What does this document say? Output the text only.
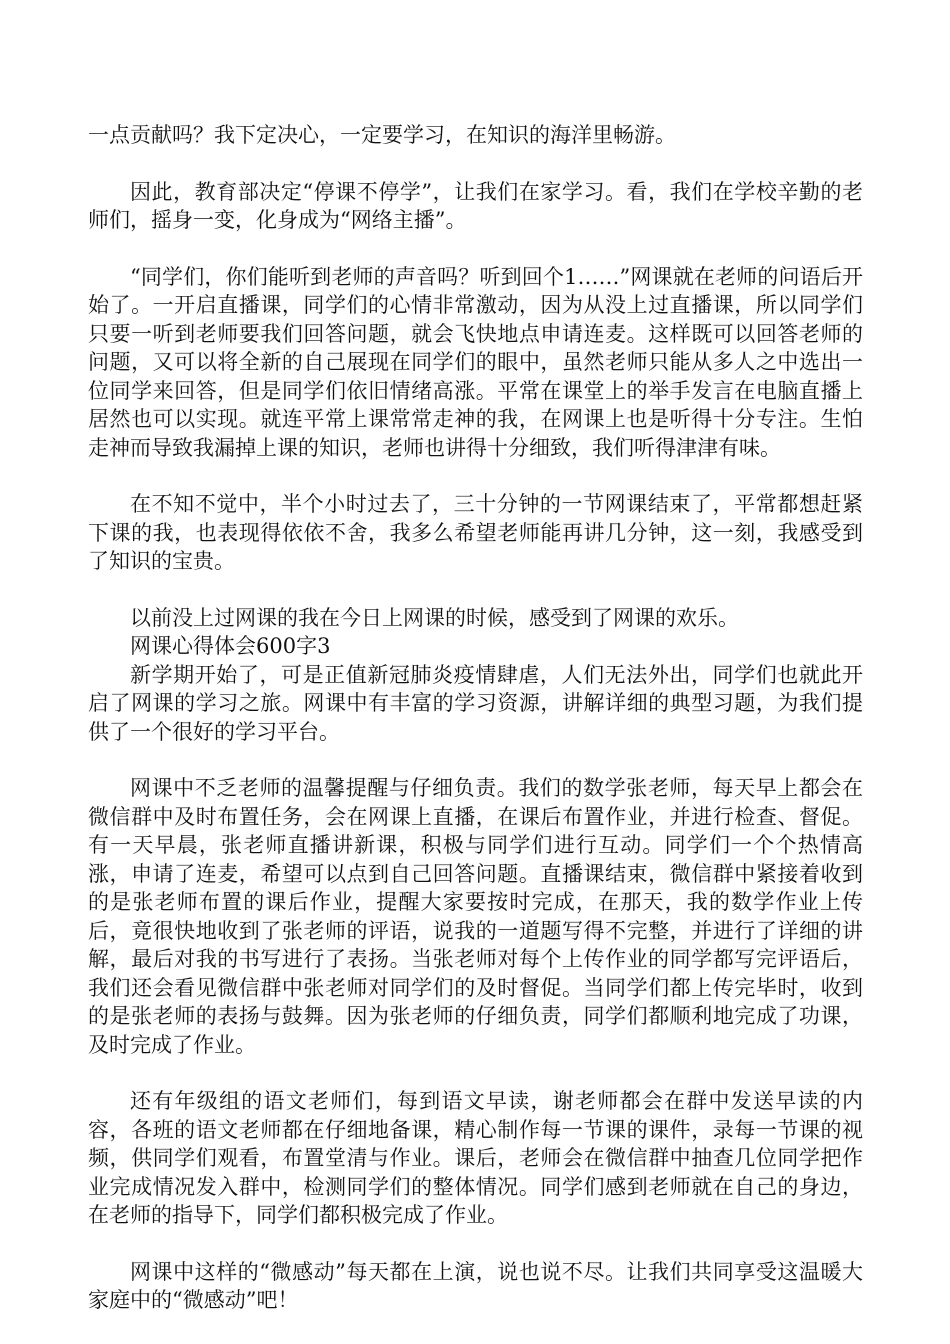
一点贡献吗？我下定决心，一定要学习，在知识的海洋里畅游。

因此，教育部决定“停课不停学”，让我们在家学习。看，我们在学校辛勤的老师们，摇身一变，化身成为“网络主播”。

“同学们，你们能听到老师的声音吗？听到回个1……”网课就在老师的问语后开始了。一开启直播课，同学们的心情非常激动，因为从没上过直播课，所以同学们只要一听到老师要我们回答问题，就会飞快地点申请连麦。这样既可以回答老师的问题，又可以将全新的自己展现在同学们的眼中，虽然老师只能从多人之中选出一位同学来回答，但是同学们依旧情绪高涨。平常在课堂上的举手发言在电脑直播上居然也可以实现。就连平常上课常常走神的我，在网课上也是听得十分专注。生怕走神而导致我漏掉上课的知识，老师也讲得十分细致，我们听得津津有味。

在不知不觉中，半个小时过去了，三十分钟的一节网课结束了，平常都想赶紧下课的我，也表现得依依不舍，我多么希望老师能再讲几分钟，这一刻，我感受到了知识的宝贵。

以前没上过网课的我在今日上网课的时候，感受到了网课的欢乐。

网课心得体会600字3

新学期开始了，可是正值新冠肺炎疫情肆虐，人们无法外出，同学们也就此开启了网课的学习之旅。网课中有丰富的学习资源，讲解详细的典型习题，为我们提供了一个很好的学习平台。

网课中不乏老师的温馨提醒与仔细负责。我们的数学张老师，每天早上都会在微信群中及时布置任务，会在网课上直播，在课后布置作业，并进行检查、督促。有一天早晨，张老师直播讲新课，积极与同学们进行互动。同学们一个个热情高涨，申请了连麦，希望可以点到自己回答问题。直播课结束，微信群中紧接着收到的是张老师布置的课后作业，提醒大家要按时完成，在那天，我的数学作业上传后，竟很快地收到了张老师的评语，说我的一道题写得不完整，并进行了详细的讲解，最后对我的书写进行了表扬。当张老师对每个上传作业的同学都写完评语后，我们还会看见微信群中张老师对同学们的及时督促。当同学们都上传完毕时，收到的是张老师的表扬与鼓舞。因为张老师的仔细负责，同学们都顺利地完成了功课，及时完成了作业。

还有年级组的语文老师们，每到语文早读，谢老师都会在群中发送早读的内容，各班的语文老师都在仔细地备课，精心制作每一节课的课件，录每一节课的视频，供同学们观看，布置堂清与作业。课后，老师会在微信群中抽查几位同学把作业完成情况发入群中，检测同学们的整体情况。同学们感到老师就在自己的身边，在老师的指导下，同学们都积极完成了作业。

网课中这样的“微感动”每天都在上演，说也说不尽。让我们共同享受这温暖大家庭中的“微感动”吧！
